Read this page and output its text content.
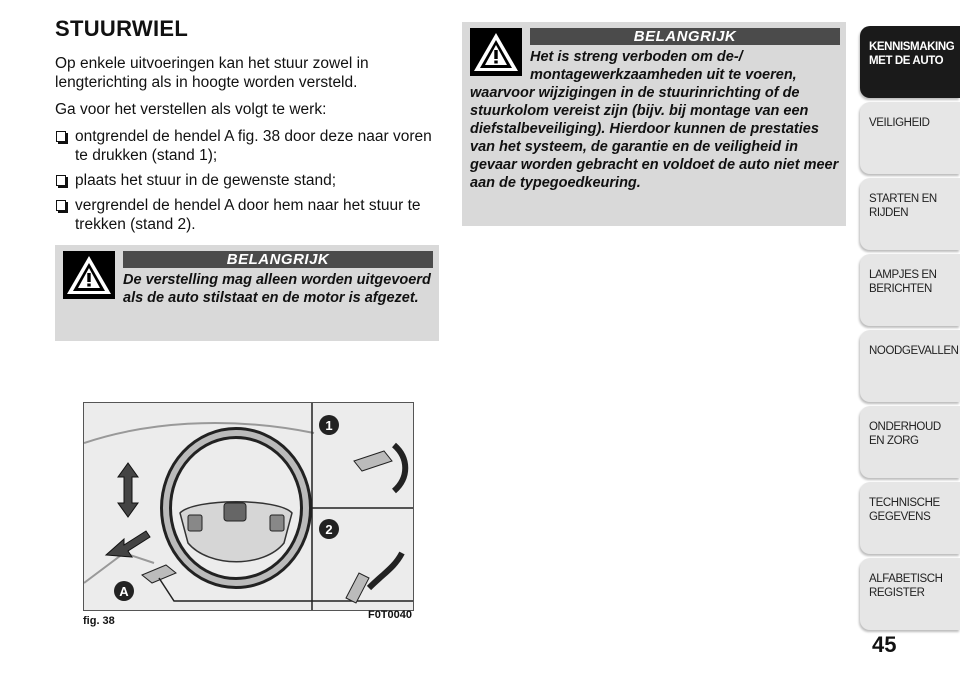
STUURWIEL

Op enkele uitvoeringen kan het stuur zowel in lengterichting als in hoogte worden versteld.

Ga voor het verstellen als volgt te werk:

ontgrendel de hendel A fig. 38 door deze naar voren te drukken (stand 1);
plaats het stuur in de gewenste stand;
vergrendel de hendel A door hem naar het stuur te trekken (stand 2).
BELANGRIJK
De verstelling mag alleen worden uitgevoerd als de auto stilstaat en de motor is afgezet.
BELANGRIJK
Het is streng verboden om de-/ montagewerkzaamheden uit te voeren, waarvoor wijzigingen in de stuurinrichting of de stuurkolom vereist zijn (bijv. bij montage van een diefstalbeveiliging). Hierdoor kunnen de prestaties van het systeem, de garantie en de veiligheid in gevaar worden gebracht en voldoet de auto niet meer aan de typegoedkeuring.
1
2
A
fig. 38	F0T0040
KENNISMAKING MET DE AUTO
VEILIGHEID
STARTEN EN RIJDEN
LAMPJES EN BERICHTEN
NOODGEVALLEN
ONDERHOUD EN ZORG
TECHNISCHE GEGEVENS
ALFABETISCH REGISTER
45
